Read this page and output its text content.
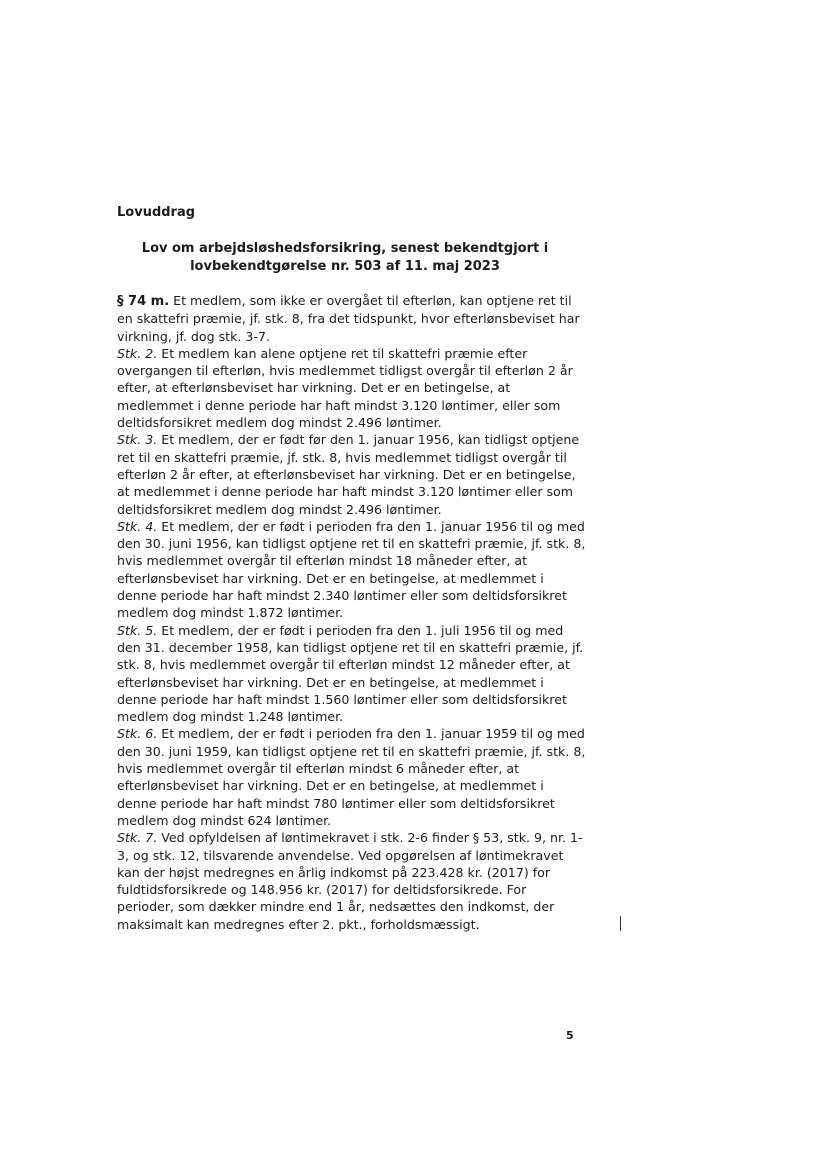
Lovuddrag

Lov om arbejdsløshedsforsikring, senest bekendtgjort i
lovbekendtgørelse nr. 503 af 11. maj 2023

§ 74 m. Et medlem, som ikke er overgået til efterløn, kan optjene ret til en skattefri præmie, jf. stk. 8, fra det tidspunkt, hvor efterlønsbeviset har virkning, jf. dog stk. 3-7.

Stk. 2. Et medlem kan alene optjene ret til skattefri præmie efter overgangen til efterløn, hvis medlemmet tidligst overgår til efterløn 2 år efter, at efterlønsbeviset har virkning. Det er en betingelse, at medlemmet i denne periode har haft mindst 3.120 løntimer, eller som deltidsforsikret medlem dog mindst 2.496 løntimer.

Stk. 3. Et medlem, der er født før den 1. januar 1956, kan tidligst optjene ret til en skattefri præmie, jf. stk. 8, hvis medlemmet tidligst overgår til efterløn 2 år efter, at efterlønsbeviset har virkning. Det er en betingelse, at medlemmet i denne periode har haft mindst 3.120 løntimer eller som deltidsforsikret medlem dog mindst 2.496 løntimer.

Stk. 4. Et medlem, der er født i perioden fra den 1. januar 1956 til og med den 30. juni 1956, kan tidligst optjene ret til en skattefri præmie, jf. stk. 8, hvis medlemmet overgår til efterløn mindst 18 måneder efter, at efterlønsbeviset har virkning. Det er en betingelse, at medlemmet i denne periode har haft mindst 2.340 løntimer eller som deltidsforsikret medlem dog mindst 1.872 løntimer.

Stk. 5. Et medlem, der er født i perioden fra den 1. juli 1956 til og med den 31. december 1958, kan tidligst optjene ret til en skattefri præmie, jf. stk. 8, hvis medlemmet overgår til efterløn mindst 12 måneder efter, at efterlønsbeviset har virkning. Det er en betingelse, at medlemmet i denne periode har haft mindst 1.560 løntimer eller som deltidsforsikret medlem dog mindst 1.248 løntimer.

Stk. 6. Et medlem, der er født i perioden fra den 1. januar 1959 til og med den 30. juni 1959, kan tidligst optjene ret til en skattefri præmie, jf. stk. 8, hvis medlemmet overgår til efterløn mindst 6 måneder efter, at efterlønsbeviset har virkning. Det er en betingelse, at medlemmet i denne periode har haft mindst 780 løntimer eller som deltidsforsikret medlem dog mindst 624 løntimer.

Stk. 7. Ved opfyldelsen af løntimekravet i stk. 2-6 finder § 53, stk. 9, nr. 1-3, og stk. 12, tilsvarende anvendelse. Ved opgørelsen af løntimekravet kan der højst medregnes en årlig indkomst på 223.428 kr. (2017) for fuldtidsforsikrede og 148.956 kr. (2017) for deltidsforsikrede. For perioder, som dækker mindre end 1 år, nedsættes den indkomst, der maksimalt kan medregnes efter 2. pkt., forholdsmæssigt.

5
